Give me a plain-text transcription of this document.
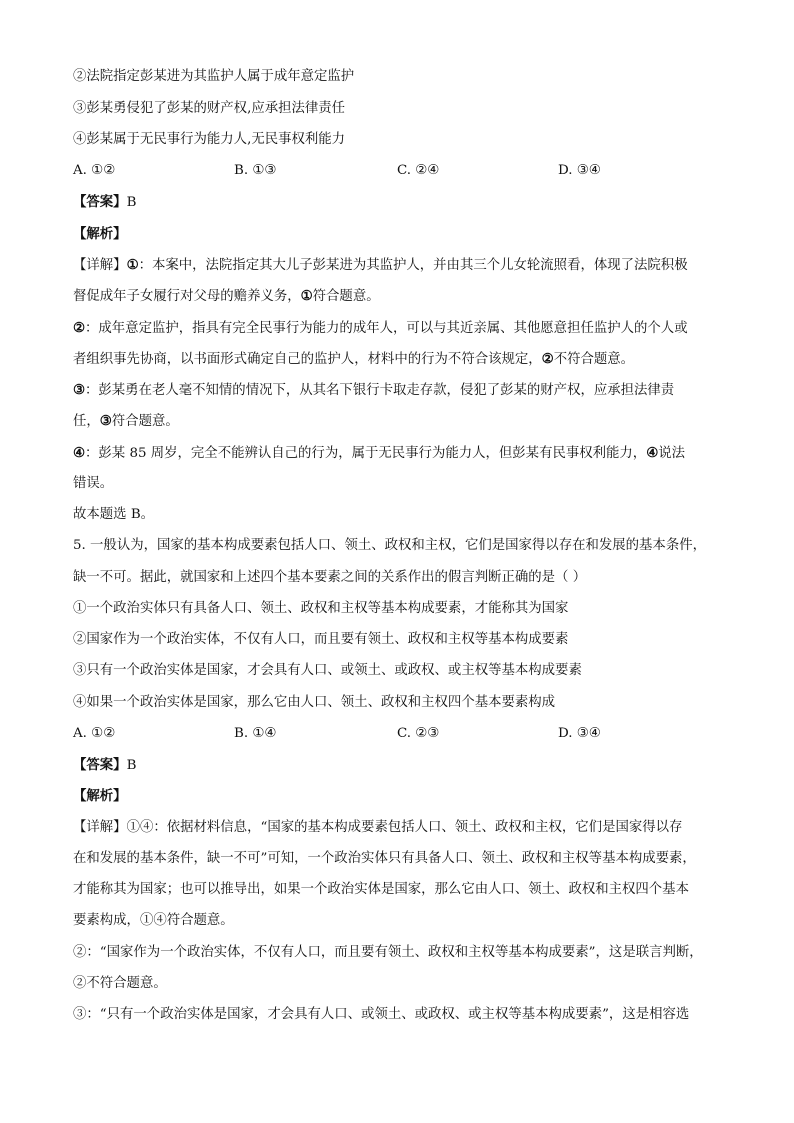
②法院指定彭某进为其监护人属于成年意定监护
③彭某勇侵犯了彭某的财产权,应承担法律责任
④彭某属于无民事行为能力人,无民事权利能力
A. ①②	B. ①③	C. ②④	D. ③④
【答案】B
【解析】
【详解】①：本案中，法院指定其大儿子彭某进为其监护人，并由其三个儿女轮流照看，体现了法院积极
督促成年子女履行对父母的赡养义务，①符合题意。
②：成年意定监护，指具有完全民事行为能力的成年人，可以与其近亲属、其他愿意担任监护人的个人或
者组织事先协商，以书面形式确定自己的监护人，材料中的行为不符合该规定，②不符合题意。
③：彭某勇在老人毫不知情的情况下，从其名下银行卡取走存款，侵犯了彭某的财产权，应承担法律责
任，③符合题意。
④：彭某 85 周岁，完全不能辨认自己的行为，属于无民事行为能力人，但彭某有民事权利能力，④说法
错误。
故本题选 B。
5. 一般认为，国家的基本构成要素包括人口、领土、政权和主权，它们是国家得以存在和发展的基本条件，
缺一不可。据此，就国家和上述四个基本要素之间的关系作出的假言判断正确的是（ ）
①一个政治实体只有具备人口、领土、政权和主权等基本构成要素，才能称其为国家
②国家作为一个政治实体，不仅有人口，而且要有领土、政权和主权等基本构成要素
③只有一个政治实体是国家，才会具有人口、或领土、或政权、或主权等基本构成要素
④如果一个政治实体是国家，那么它由人口、领土、政权和主权四个基本要素构成
A. ①②	B. ①④	C. ②③	D. ③④
【答案】B
【解析】
【详解】①④：依据材料信息，“国家的基本构成要素包括人口、领土、政权和主权，它们是国家得以存
在和发展的基本条件，缺一不可”可知，一个政治实体只有具备人口、领土、政权和主权等基本构成要素，
才能称其为国家；也可以推导出，如果一个政治实体是国家，那么它由人口、领土、政权和主权四个基本
要素构成，①④符合题意。
②：“国家作为一个政治实体，不仅有人口，而且要有领土、政权和主权等基本构成要素”，这是联言判断，
②不符合题意。
③：“只有一个政治实体是国家，才会具有人口、或领土、或政权、或主权等基本构成要素”，这是相容选
